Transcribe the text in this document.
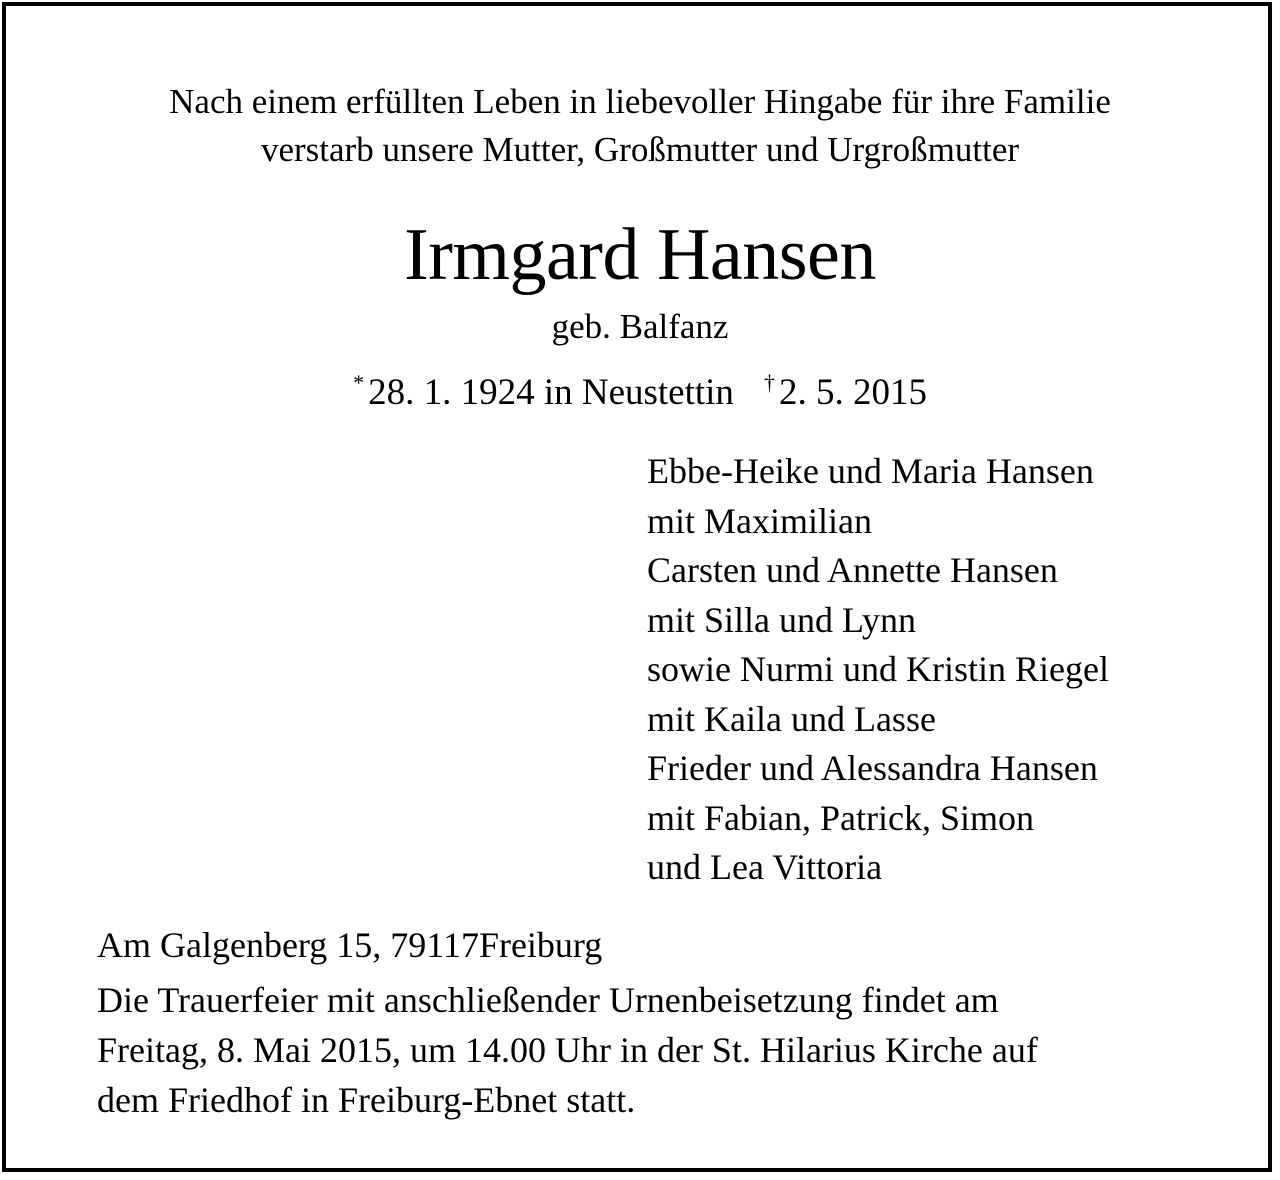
Nach einem erfüllten Leben in liebevoller Hingabe für ihre Familie
verstarb unsere Mutter, Großmutter und Urgroßmutter
Irmgard Hansen
geb. Balfanz
* 28. 1. 1924 in Neustettin † 2. 5. 2015
Ebbe-Heike und Maria Hansen
mit Maximilian
Carsten und Annette Hansen
mit Silla und Lynn
sowie Nurmi und Kristin Riegel
mit Kaila und Lasse
Frieder und Alessandra Hansen
mit Fabian, Patrick, Simon
und Lea Vittoria
Am Galgenberg 15, 79117Freiburg
Die Trauerfeier mit anschließender Urnenbeisetzung findet am
Freitag, 8. Mai 2015, um 14.00 Uhr in der St. Hilarius Kirche auf
dem Friedhof in Freiburg-Ebnet statt.
